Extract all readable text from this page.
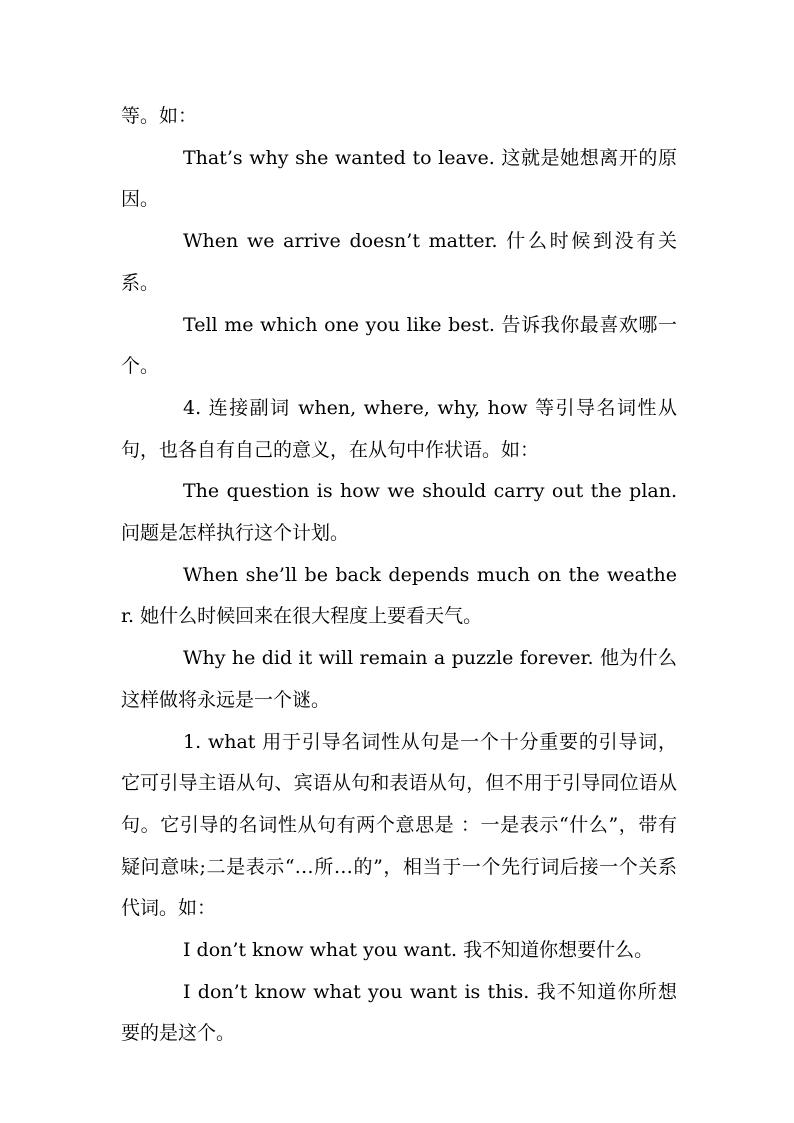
等。如：

That’s why she wanted to leave. 这就是她想离开的原因。

When we arrive doesn’t matter. 什么时候到没有关系。

Tell me which one you like best. 告诉我你最喜欢哪一个。

4. 连接副词 when, where, why, how 等引导名词性从句，也各自有自己的意义，在从句中作状语。如：

The question is how we should carry out the plan. 问题是怎样执行这个计划。

When she’ll be back depends much on the weather. 她什么时候回来在很大程度上要看天气。

Why he did it will remain a puzzle forever. 他为什么这样做将永远是一个谜。

1. what 用于引导名词性从句是一个十分重要的引导词，它可引导主语从句、宾语从句和表语从句，但不用于引导同位语从句。它引导的名词性从句有两个意思是 ：一是表示“什么”，带有疑问意味;二是表示“…所…的”，相当于一个先行词后接一个关系代词。如：

I don’t know what you want. 我不知道你想要什么。

I don’t know what you want is this. 我不知道你所想要的是这个。
